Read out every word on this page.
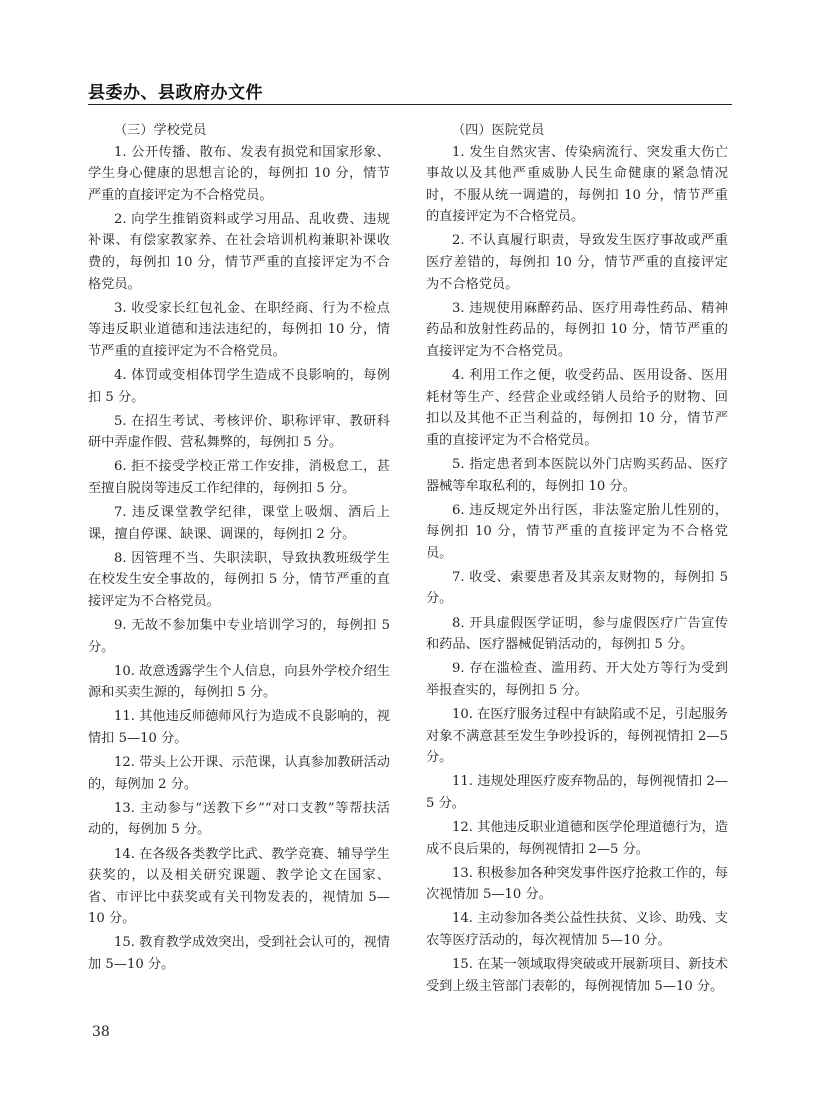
县委办、县政府办文件

（三）学校党员

1. 公开传播、散布、发表有损党和国家形象、学生身心健康的思想言论的，每例扣 10 分，情节严重的直接评定为不合格党员。

2. 向学生推销资料或学习用品、乱收费、违规补课、有偿家教家养、在社会培训机构兼职补课收费的，每例扣 10 分，情节严重的直接评定为不合格党员。

3. 收受家长红包礼金、在职经商、行为不检点等违反职业道德和违法违纪的，每例扣 10 分，情节严重的直接评定为不合格党员。

4. 体罚或变相体罚学生造成不良影响的，每例扣 5 分。

5. 在招生考试、考核评价、职称评审、教研科研中弄虚作假、营私舞弊的，每例扣 5 分。

6. 拒不接受学校正常工作安排，消极怠工，甚至擅自脱岗等违反工作纪律的，每例扣 5 分。

7. 违反课堂教学纪律，课堂上吸烟、酒后上课，擅自停课、缺课、调课的，每例扣 2 分。

8. 因管理不当、失职渎职，导致执教班级学生在校发生安全事故的，每例扣 5 分，情节严重的直接评定为不合格党员。

9. 无故不参加集中专业培训学习的，每例扣 5 分。

10. 故意透露学生个人信息，向县外学校介绍生源和买卖生源的，每例扣 5 分。

11. 其他违反师德师风行为造成不良影响的，视情扣 5—10 分。

12. 带头上公开课、示范课，认真参加教研活动的，每例加 2 分。

13. 主动参与“送教下乡”“对口支教”等帮扶活动的，每例加 5 分。

14. 在各级各类教学比武、教学竞赛、辅导学生获奖的，以及相关研究课题、教学论文在国家、省、市评比中获奖或有关刊物发表的，视情加 5—10 分。

15. 教育教学成效突出，受到社会认可的，视情加 5—10 分。

（四）医院党员

1. 发生自然灾害、传染病流行、突发重大伤亡事故以及其他严重威胁人民生命健康的紧急情况时，不服从统一调遣的，每例扣 10 分，情节严重的直接评定为不合格党员。

2. 不认真履行职责，导致发生医疗事故或严重医疗差错的，每例扣 10 分，情节严重的直接评定为不合格党员。

3. 违规使用麻醉药品、医疗用毒性药品、精神药品和放射性药品的，每例扣 10 分，情节严重的直接评定为不合格党员。

4. 利用工作之便，收受药品、医用设备、医用耗材等生产、经营企业或经销人员给予的财物、回扣以及其他不正当利益的，每例扣 10 分，情节严重的直接评定为不合格党员。

5. 指定患者到本医院以外门店购买药品、医疗器械等牟取私利的，每例扣 10 分。

6. 违反规定外出行医，非法鉴定胎儿性别的，每例扣 10 分，情节严重的直接评定为不合格党员。

7. 收受、索要患者及其亲友财物的，每例扣 5 分。

8. 开具虚假医学证明，参与虚假医疗广告宣传和药品、医疗器械促销活动的，每例扣 5 分。

9. 存在滥检查、滥用药、开大处方等行为受到举报查实的，每例扣 5 分。

10. 在医疗服务过程中有缺陷或不足，引起服务对象不满意甚至发生争吵投诉的，每例视情扣 2—5 分。

11. 违规处理医疗废弃物品的，每例视情扣 2—5 分。

12. 其他违反职业道德和医学伦理道德行为，造成不良后果的，每例视情扣 2—5 分。

13. 积极参加各种突发事件医疗抢救工作的，每次视情加 5—10 分。

14. 主动参加各类公益性扶贫、义诊、助残、支农等医疗活动的，每次视情加 5—10 分。

15. 在某一领域取得突破或开展新项目、新技术受到上级主管部门表彰的，每例视情加 5—10 分。

38
